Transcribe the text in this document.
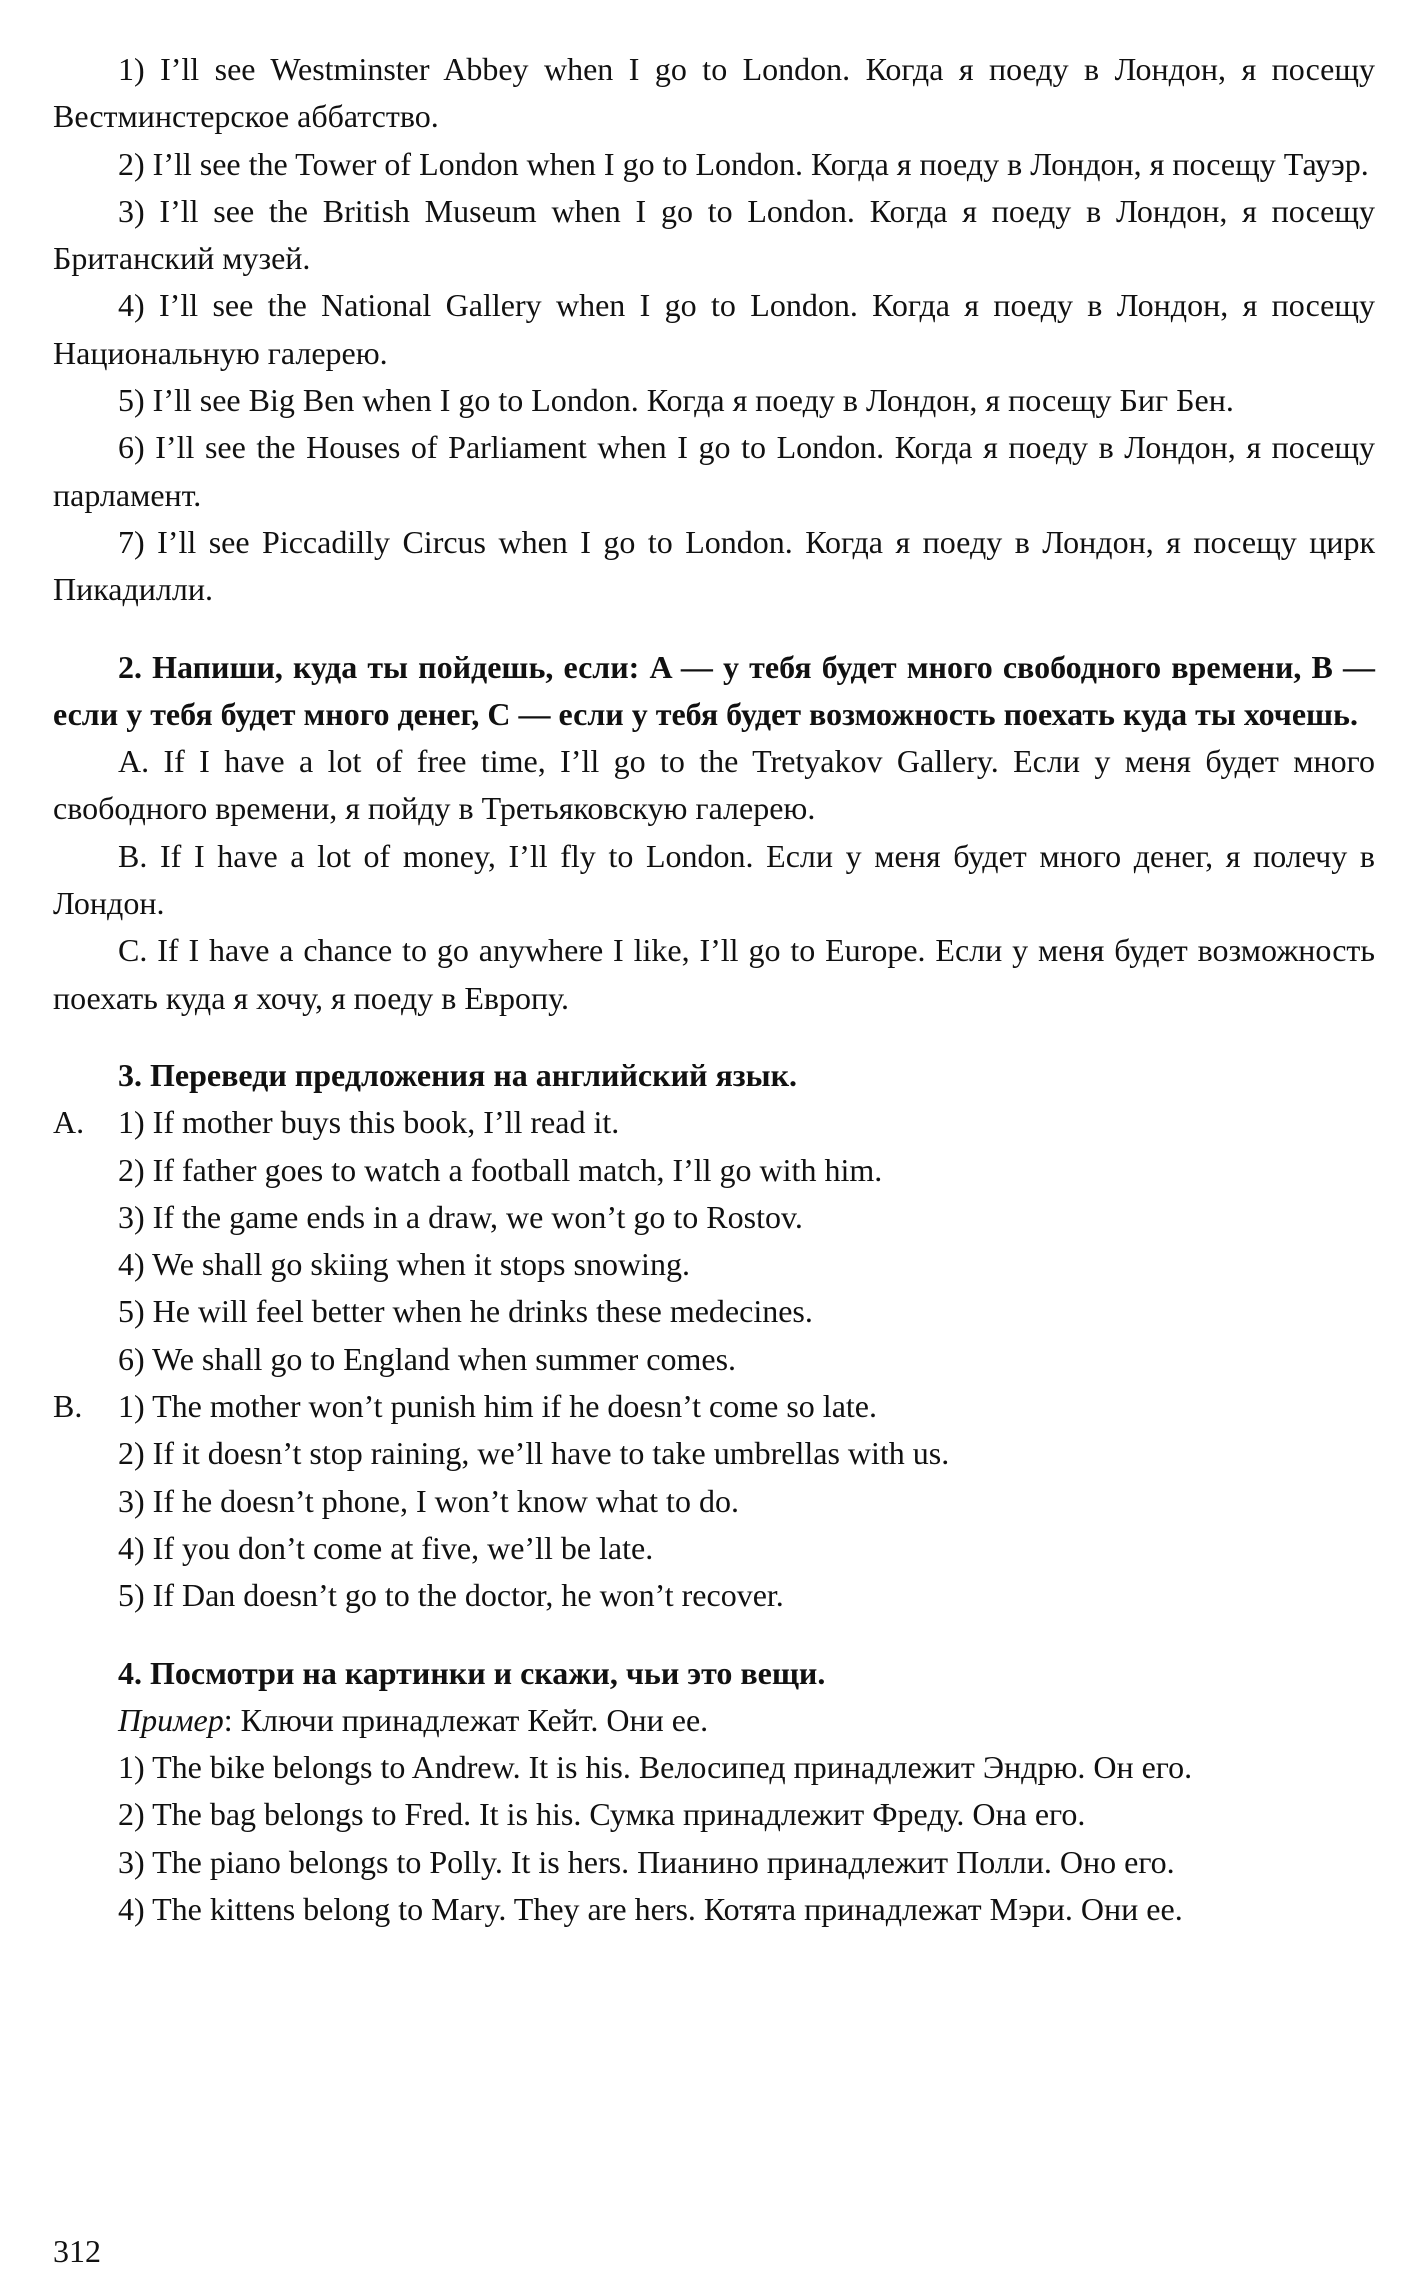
1) I’ll see Westminster Abbey when I go to London. Когда я поеду в Лондон, я посещу Вестминстерское аббатство.

2) I’ll see the Tower of London when I go to London. Когда я поеду в Лондон, я посещу Тауэр.

3) I’ll see the British Museum when I go to London. Когда я поеду в Лондон, я посещу Британский музей.

4) I’ll see the National Gallery when I go to London. Когда я поеду в Лондон, я посещу Национальную галерею.

5) I’ll see Big Ben when I go to London. Когда я поеду в Лондон, я посещу Биг Бен.

6) I’ll see the Houses of Parliament when I go to London. Когда я поеду в Лондон, я посещу парламент.

7) I’ll see Piccadilly Circus when I go to London. Когда я поеду в Лондон, я посещу цирк Пикадилли.

2. Напиши, куда ты пойдешь, если: A — у тебя будет много свободного времени, B — если у тебя будет много денег, C — если у тебя будет возможность поехать куда ты хочешь.

A. If I have a lot of free time, I’ll go to the Tretyakov Gallery. Если у меня будет много свободного времени, я пойду в Третьяковскую галерею.

B. If I have a lot of money, I’ll fly to London. Если у меня будет много денег, я полечу в Лондон.

C. If I have a chance to go anywhere I like, I’ll go to Europe. Если у меня будет возможность поехать куда я хочу, я поеду в Европу.

3. Переведи предложения на английский язык.

A. 1) If mother buys this book, I’ll read it.

2) If father goes to watch a football match, I’ll go with him.

3) If the game ends in a draw, we won’t go to Rostov.

4) We shall go skiing when it stops snowing.

5) He will feel better when he drinks these medecines.

6) We shall go to England when summer comes.

B. 1) The mother won’t punish him if he doesn’t come so late.

2) If it doesn’t stop raining, we’ll have to take umbrellas with us.

3) If he doesn’t phone, I won’t know what to do.

4) If you don’t come at five, we’ll be late.

5) If Dan doesn’t go to the doctor, he won’t recover.

4. Посмотри на картинки и скажи, чьи это вещи.

Пример: Ключи принадлежат Кейт. Они ее.

1) The bike belongs to Andrew. It is his. Велосипед принадлежит Эндрю. Он его.

2) The bag belongs to Fred. It is his. Сумка принадлежит Фреду. Она его.

3) The piano belongs to Polly. It is hers. Пианино принадлежит Полли. Оно его.

4) The kittens belong to Mary. They are hers. Котята принадлежат Мэри. Они ее.

312
